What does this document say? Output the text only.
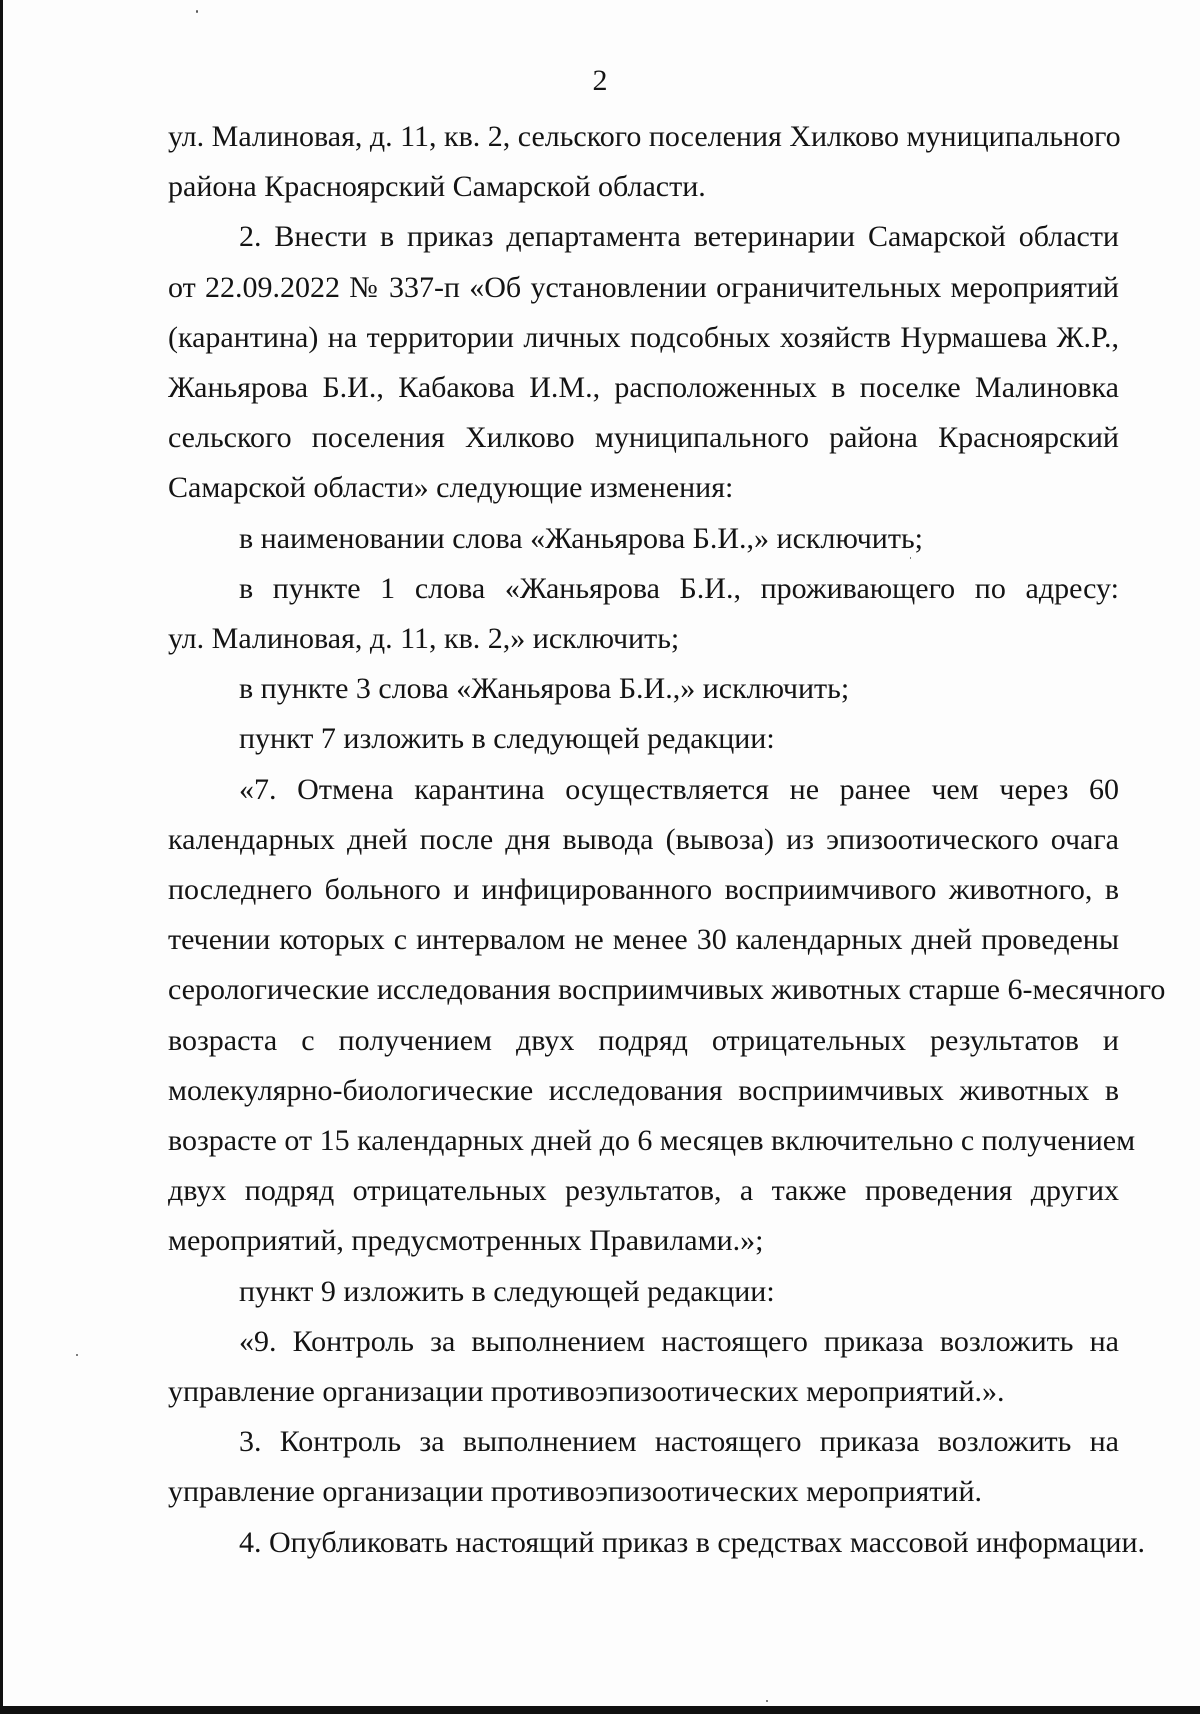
2

ул. Малиновая, д. 11, кв. 2, сельского поселения Хилково муниципального

района Красноярский Самарской области.

2. Внести в приказ департамента ветеринарии Самарской области

от 22.09.2022 № 337-п «Об установлении ограничительных мероприятий

(карантина) на территории личных подсобных хозяйств Нурмашева Ж.Р.,

Жаньярова Б.И., Кабакова И.М., расположенных в поселке Малиновка

сельского поселения Хилково муниципального района Красноярский

Самарской области» следующие изменения:

в наименовании слова «Жаньярова Б.И.,» исключить;

в пункте 1 слова «Жаньярова Б.И., проживающего по адресу:

ул. Малиновая, д. 11, кв. 2,» исключить;

в пункте 3 слова «Жаньярова Б.И.,» исключить;

пункт 7 изложить в следующей редакции:

«7. Отмена карантина осуществляется не ранее чем через 60

календарных дней после дня вывода (вывоза) из эпизоотического очага

последнего больного и инфицированного восприимчивого животного, в

течении которых с интервалом не менее 30 календарных дней проведены

серологические исследования восприимчивых животных старше 6-месячного

возраста с получением двух подряд отрицательных результатов и

молекулярно-биологические исследования восприимчивых животных в

возрасте от 15 календарных дней до 6 месяцев включительно с получением

двух подряд отрицательных результатов, а также проведения других

мероприятий, предусмотренных Правилами.»;

пункт 9 изложить в следующей редакции:

«9. Контроль за выполнением настоящего приказа возложить на

управление организации противоэпизоотических мероприятий.».

3. Контроль за выполнением настоящего приказа возложить на

управление организации противоэпизоотических мероприятий.

4. Опубликовать настоящий приказ в средствах массовой информации.
